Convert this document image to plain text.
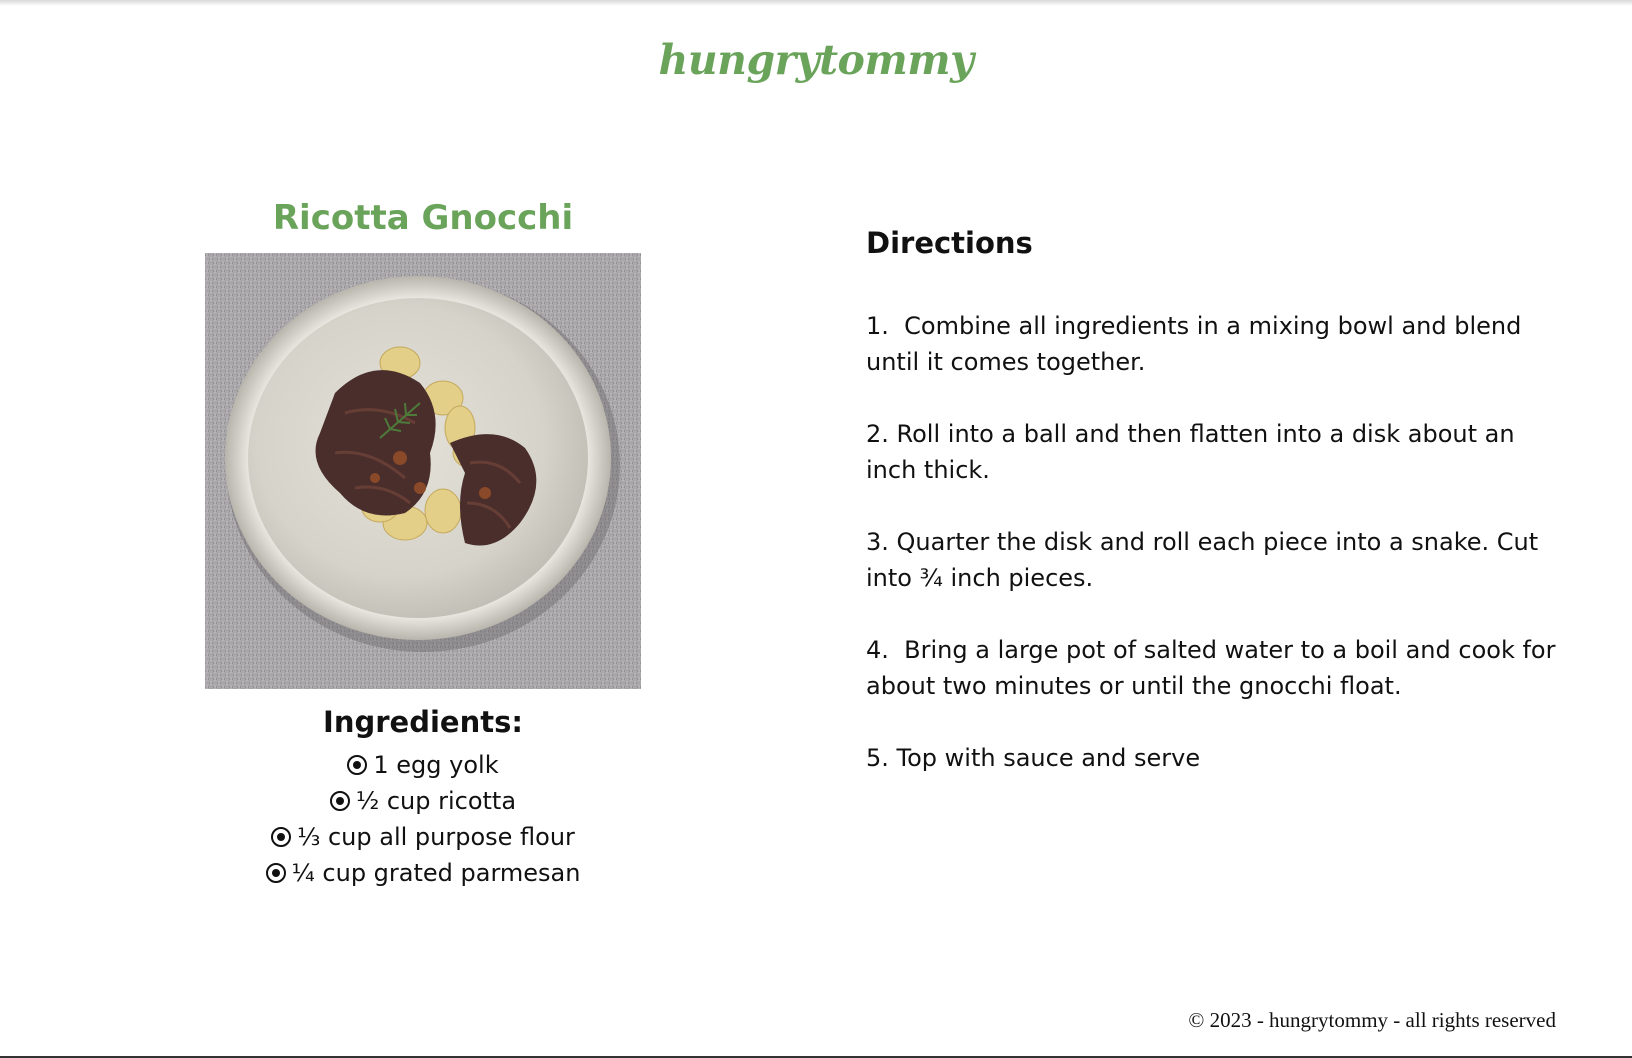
hungrytommy
Ricotta Gnocchi
Ingredients:
1 egg yolk
½ cup ricotta
⅓ cup all purpose flour
¼ cup grated parmesan
Directions

1.  Combine all ingredients in a mixing bowl and blend until it comes together.

2. Roll into a ball and then flatten into a disk about an inch thick.

3. Quarter the disk and roll each piece into a snake. Cut into ¾ inch pieces.

4.  Bring a large pot of salted water to a boil and cook for about two minutes or until the gnocchi float.

5. Top with sauce and serve

© 2023 - hungrytommy - all rights reserved
